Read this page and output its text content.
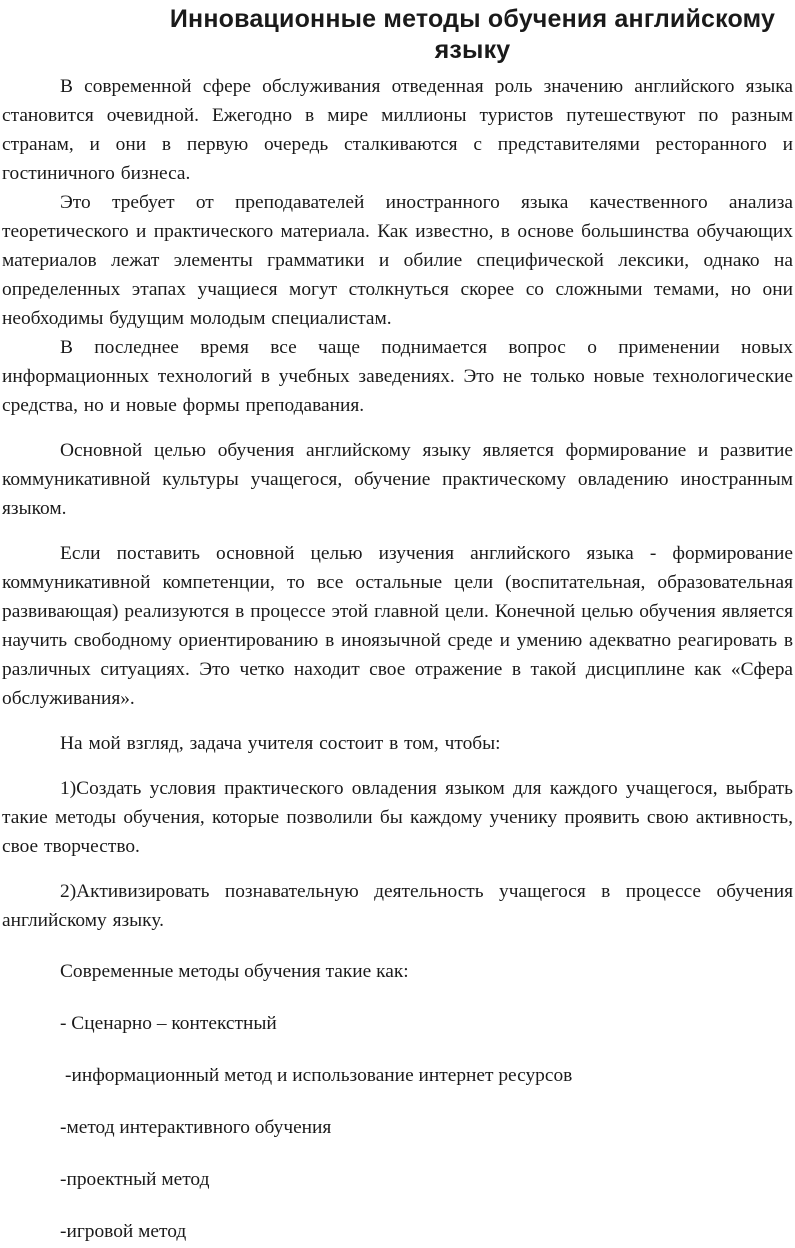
Инновационные методы обучения английскому
языку

В современной сфере обслуживания отведенная роль значению английского языка становится очевидной. Ежегодно в мире миллионы туристов путешествуют по разным странам, и они в первую очередь сталкиваются с представителями ресторанного и гостиничного бизнеса.

Это требует от преподавателей иностранного языка качественного анализа теоретического и практического материала. Как известно, в основе большинства обучающих материалов лежат элементы грамматики и обилие специфической лексики, однако на определенных этапах учащиеся могут столкнуться скорее со сложными темами, но они необходимы будущим молодым специалистам.

В последнее время все чаще поднимается вопрос о применении новых информационных технологий в учебных заведениях. Это не только новые технологические средства, но и новые формы преподавания.

Основной целью обучения английскому языку является формирование и развитие коммуникативной культуры учащегося, обучение практическому овладению иностранным языком.

Если поставить основной целью изучения английского языка - формирование коммуникативной компетенции, то все остальные цели (воспитательная, образовательная развивающая) реализуются в процессе этой главной цели. Конечной целью обучения является научить свободному ориентированию в иноязычной среде и умению адекватно реагировать в различных ситуациях. Это четко находит свое отражение в такой дисциплине как «Сфера обслуживания».

На мой взгляд, задача учителя состоит в том, чтобы:

1)Создать условия практического овладения языком для каждого учащегося, выбрать такие методы обучения, которые позволили бы каждому ученику проявить свою активность, свое творчество.

2)Активизировать познавательную деятельность учащегося в процессе обучения английскому языку.

Современные методы обучения такие как:

- Сценарно – контекстный

-информационный метод и использование интернет ресурсов

-метод интерактивного обучения

-проектный метод

-игровой метод
